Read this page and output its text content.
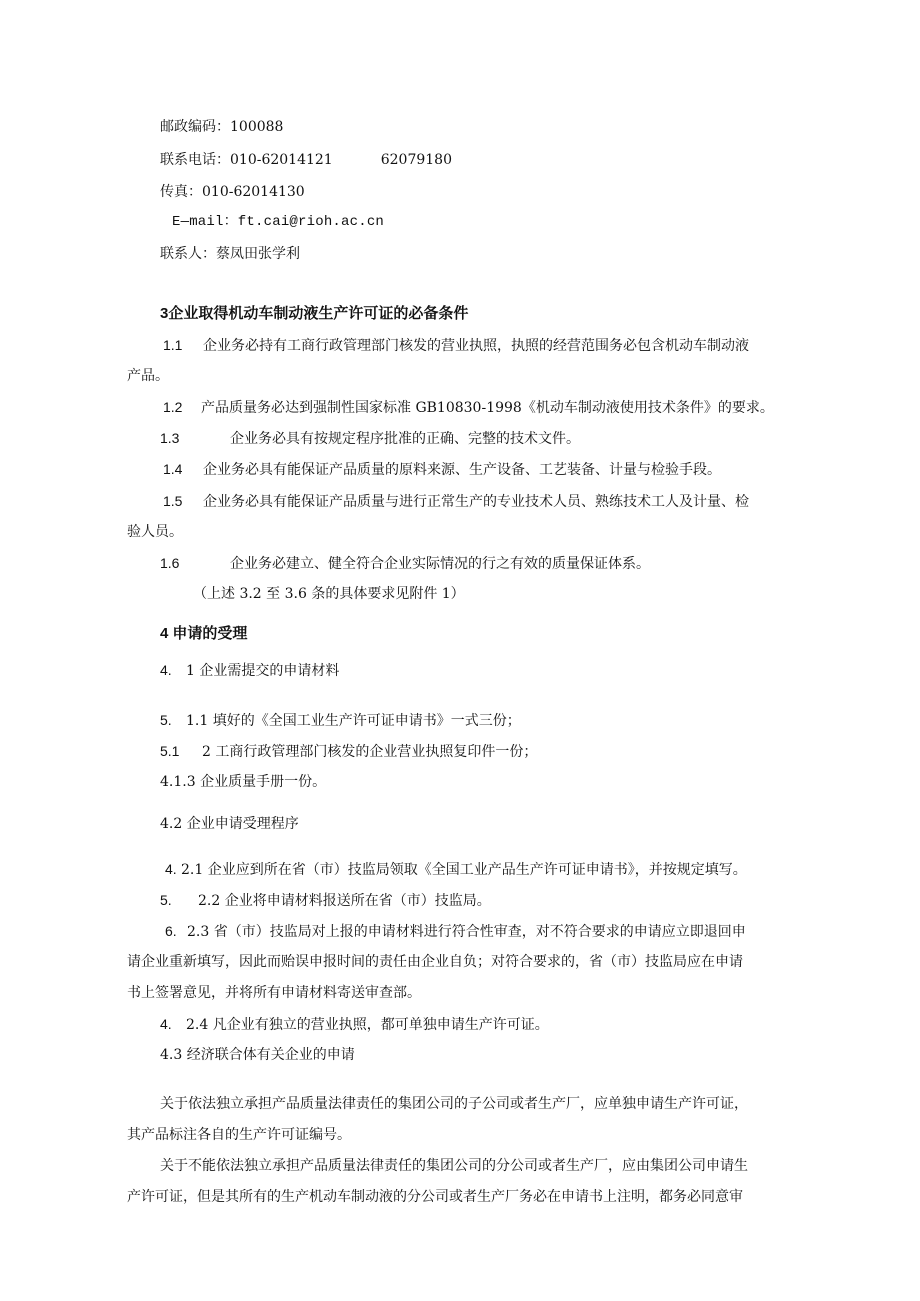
邮政编码：100088
联系电话：010-62014121	62079180
传真：010-62014130
E—mail：ft.cai@rioh.ac.cn
联系人：蔡凤田张学利
3企业取得机动车制动液生产许可证的必备条件
1.1 企业务必持有工商行政管理部门核发的营业执照，执照的经营范围务必包含机动车制动液
产品。
1.2 产品质量务必达到强制性国家标准 GB10830-1998《机动车制动液使用技术条件》的要求。
1.3	企业务必具有按规定程序批准的正确、完整的技术文件。
1.4 企业务必具有能保证产品质量的原料来源、生产设备、工艺装备、计量与检验手段。
1.5 企业务必具有能保证产品质量与进行正常生产的专业技术人员、熟练技术工人及计量、检
验人员。
1.6	企业务必建立、健全符合企业实际情况的行之有效的质量保证体系。
（上述 3.2 至 3.6 条的具体要求见附件 1）
4 申请的受理
4. 1 企业需提交的申请材料
5. 1.1 填好的《全国工业生产许可证申请书》一式三份；
5.1 2 工商行政管理部门核发的企业营业执照复印件一份；
4.1.3 企业质量手册一份。
4.2 企业申请受理程序
4. 2.1 企业应到所在省（市）技监局领取《全国工业产品生产许可证申请书》，并按规定填写。
5. 2.2 企业将申请材料报送所在省（市）技监局。
6. 2.3 省（市）技监局对上报的申请材料进行符合性审查，对不符合要求的申请应立即退回申
请企业重新填写，因此而贻误申报时间的责任由企业自负；对符合要求的，省（市）技监局应在申请
书上签署意见，并将所有申请材料寄送审查部。
4. 2.4 凡企业有独立的营业执照，都可单独申请生产许可证。
4.3 经济联合体有关企业的申请
关于依法独立承担产品质量法律责任的集团公司的子公司或者生产厂，应单独申请生产许可证，
其产品标注各自的生产许可证编号。
关于不能依法独立承担产品质量法律责任的集团公司的分公司或者生产厂，应由集团公司申请生
产许可证，但是其所有的生产机动车制动液的分公司或者生产厂务必在申请书上注明，都务必同意审
